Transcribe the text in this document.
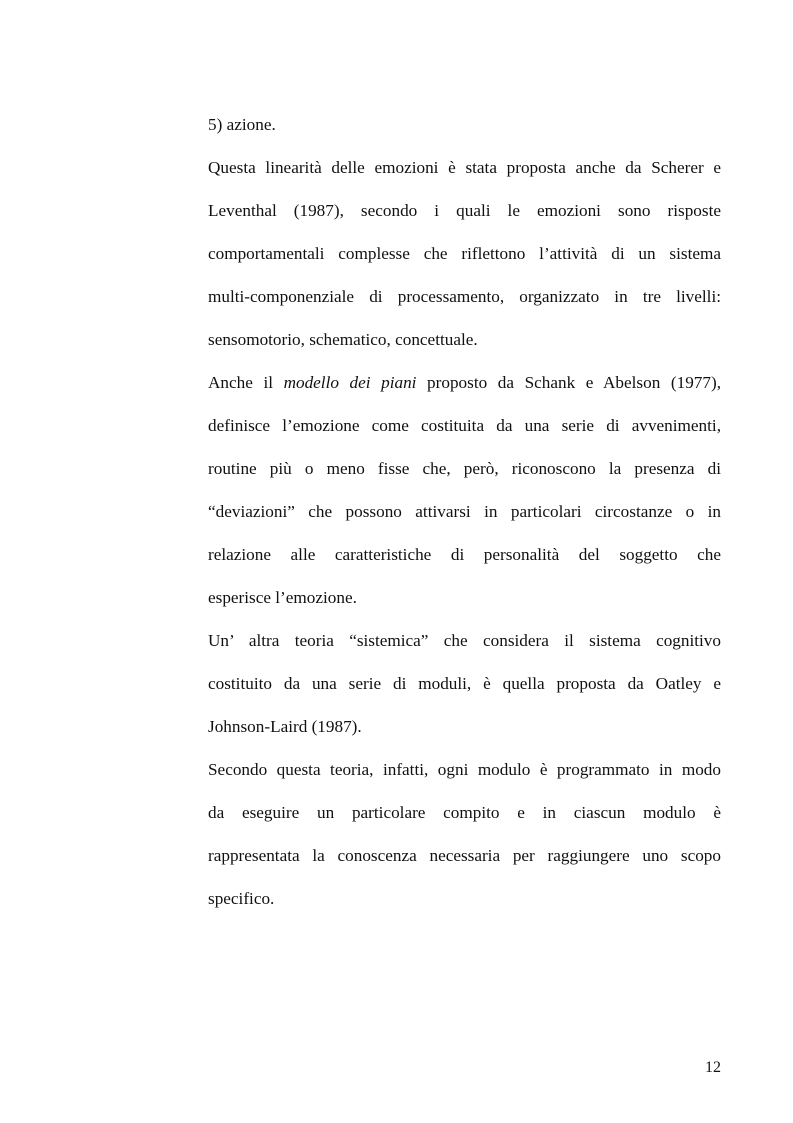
5) azione.
Questa linearità delle emozioni è stata proposta anche da Scherer e
Leventhal (1987), secondo i quali le emozioni sono risposte
comportamentali complesse che riflettono l’attività di un sistema
multi-componenziale di processamento, organizzato in tre livelli:
sensomotorio, schematico, concettuale.
Anche il modello dei piani proposto da Schank e Abelson (1977),
definisce l’emozione come costituita da una serie di avvenimenti,
routine più o meno fisse che, però, riconoscono la presenza di
“deviazioni” che possono attivarsi in particolari circostanze o in
relazione alle caratteristiche di personalità del soggetto che
esperisce l’emozione.
Un’ altra teoria “sistemica” che considera il sistema cognitivo
costituito da una serie di moduli, è quella proposta da Oatley e
Johnson-Laird (1987).
Secondo questa teoria, infatti, ogni modulo è programmato in modo
da eseguire un particolare compito e in ciascun modulo è
rappresentata la conoscenza necessaria per raggiungere uno scopo
specifico.
12
